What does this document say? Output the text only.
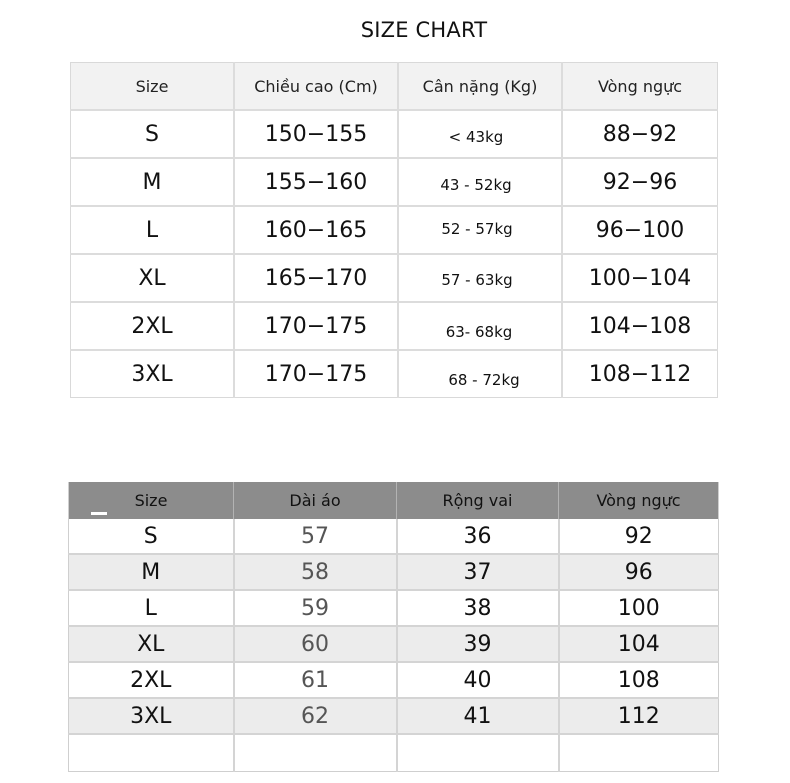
SIZE CHART
Size	Chiều cao (Cm)	Cân nặng (Kg)	Vòng ngực
S	150−155	< 43kg	88−92
M	155−160	43 - 52kg	92−96
L	160−165	52 - 57kg	96−100
XL	165−170	57 - 63kg	100−104
2XL	170−175	63- 68kg	104−108
3XL	170−175	68 - 72kg	108−112
Size	Dài áo	Rộng vai	Vòng ngực
S	57	36	92
M	58	37	96
L	59	38	100
XL	60	39	104
2XL	61	40	108
3XL	62	41	112
